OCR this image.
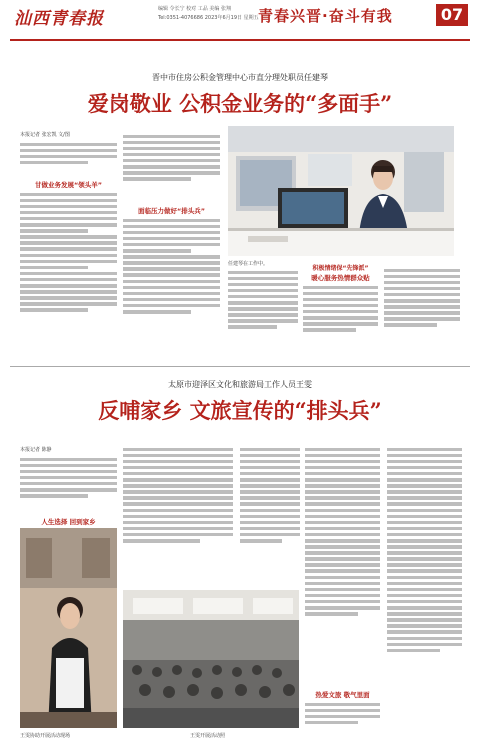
汕西青春报	编辑 令长宁 校对 工品 美编 张翔
Tel:0351-4076686 2023年6月19日 星期五 青春兴晋·奋斗有我	07
晋中市住房公积金管理中心市直分理处职员任建琴
爱岗敬业 公积金业务的“多面手”
本报记者 张宏凯 文/图
甘做业务发展“领头羊”
面临压力做好“排头兵”
任建琴在工作中。
暖心服务热情群众贴
积极情绪保“先锋派”
太原市迎泽区文化和旅游局工作人员王雯
反哺家乡 文旅宣传的“排头兵”
本报记者 陈静
人生选择 回到家乡
王雯协助开展活动现场	王雯开展活动照
热爱文旅 敬气里面
